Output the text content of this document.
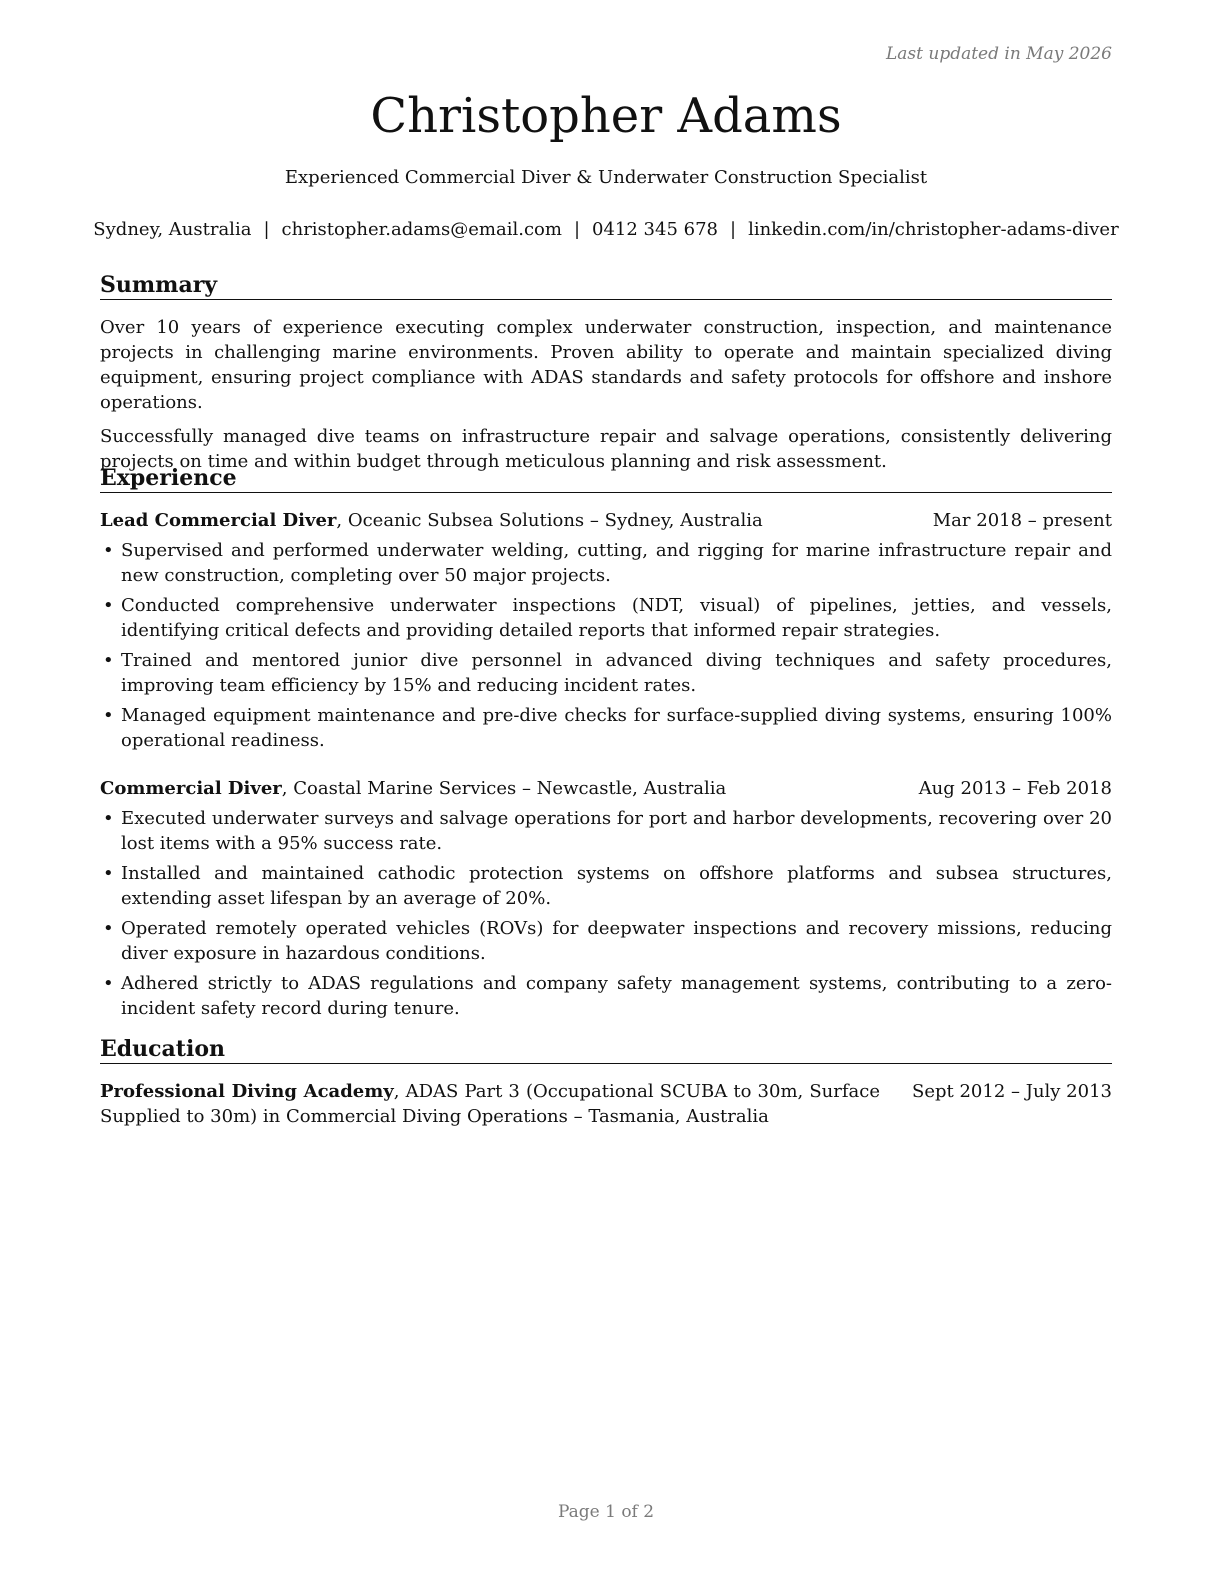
Last updated in May 2026
Christopher Adams
Experienced Commercial Diver & Underwater Construction Specialist
Sydney, Australia | christopher.adams@email.com | 0412 345 678 | linkedin.com/in/christopher-adams-diver
Summary

Over 10 years of experience executing complex underwater construction, inspection, and maintenance projects in challenging marine environments. Proven ability to operate and maintain specialized diving equipment, ensuring project compliance with ADAS standards and safety protocols for offshore and inshore operations.

Successfully managed dive teams on infrastructure repair and salvage operations, consistently delivering projects on time and within budget through meticulous planning and risk assessment.

Experience
Lead Commercial Diver, Oceanic Subsea Solutions – Sydney, Australia	Mar 2018 – present
• Supervised and performed underwater welding, cutting, and rigging for marine infrastructure repair and new construction, completing over 50 major projects.
• Conducted comprehensive underwater inspections (NDT, visual) of pipelines, jetties, and vessels, identifying critical defects and providing detailed reports that informed repair strategies.
• Trained and mentored junior dive personnel in advanced diving techniques and safety procedures, improving team efficiency by 15% and reducing incident rates.
• Managed equipment maintenance and pre-dive checks for surface-supplied diving systems, ensuring 100% operational readiness.
Commercial Diver, Coastal Marine Services – Newcastle, Australia	Aug 2013 – Feb 2018
• Executed underwater surveys and salvage operations for port and harbor developments, recovering over 20 lost items with a 95% success rate.
• Installed and maintained cathodic protection systems on offshore platforms and subsea structures, extending asset lifespan by an average of 20%.
• Operated remotely operated vehicles (ROVs) for deepwater inspections and recovery missions, reducing diver exposure in hazardous conditions.
• Adhered strictly to ADAS regulations and company safety management systems, contributing to a zero-incident safety record during tenure.
Education
Professional Diving Academy, ADAS Part 3 (Occupational SCUBA to 30m, Surface Supplied to 30m) in Commercial Diving Operations – Tasmania, Australia
Sept 2012 – July 2013
Page 1 of 2
